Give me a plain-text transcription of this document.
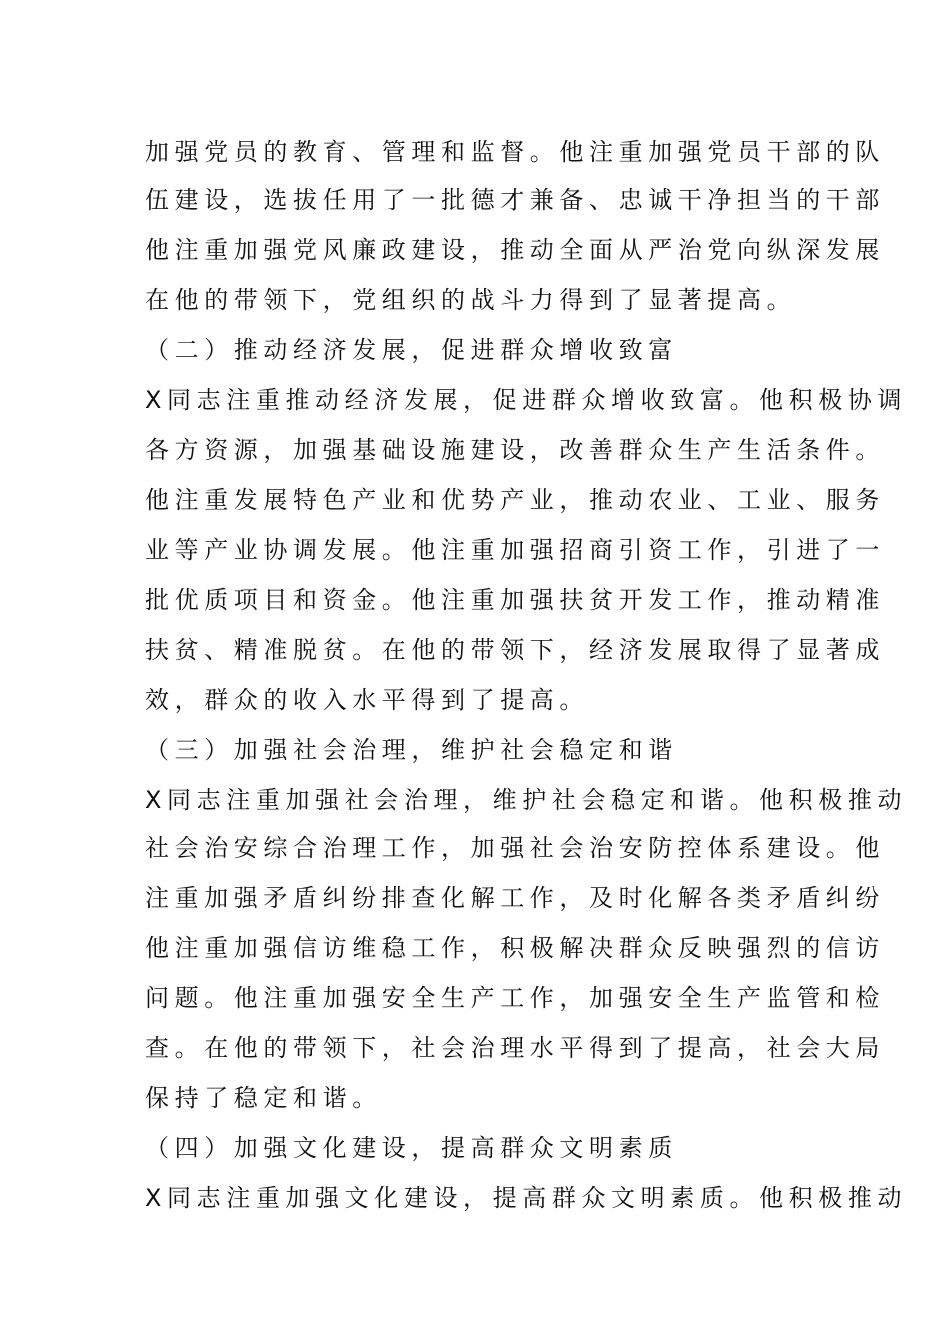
加强党员的教育、管理和监督。他注重加强党员干部的队
伍建设，选拔任用了一批德才兼备、忠诚干净担当的干部
他注重加强党风廉政建设，推动全面从严治党向纵深发展
在他的带领下，党组织的战斗力得到了显著提高。
（二）推动经济发展，促进群众增收致富
X同志注重推动经济发展，促进群众增收致富。他积极协调
各方资源，加强基础设施建设，改善群众生产生活条件。
他注重发展特色产业和优势产业，推动农业、工业、服务
业等产业协调发展。他注重加强招商引资工作，引进了一
批优质项目和资金。他注重加强扶贫开发工作，推动精准
扶贫、精准脱贫。在他的带领下，经济发展取得了显著成
效，群众的收入水平得到了提高。
（三）加强社会治理，维护社会稳定和谐
X同志注重加强社会治理，维护社会稳定和谐。他积极推动
社会治安综合治理工作，加强社会治安防控体系建设。他
注重加强矛盾纠纷排查化解工作，及时化解各类矛盾纠纷
他注重加强信访维稳工作，积极解决群众反映强烈的信访
问题。他注重加强安全生产工作，加强安全生产监管和检
查。在他的带领下，社会治理水平得到了提高，社会大局
保持了稳定和谐。
（四）加强文化建设，提高群众文明素质
X同志注重加强文化建设，提高群众文明素质。他积极推动
